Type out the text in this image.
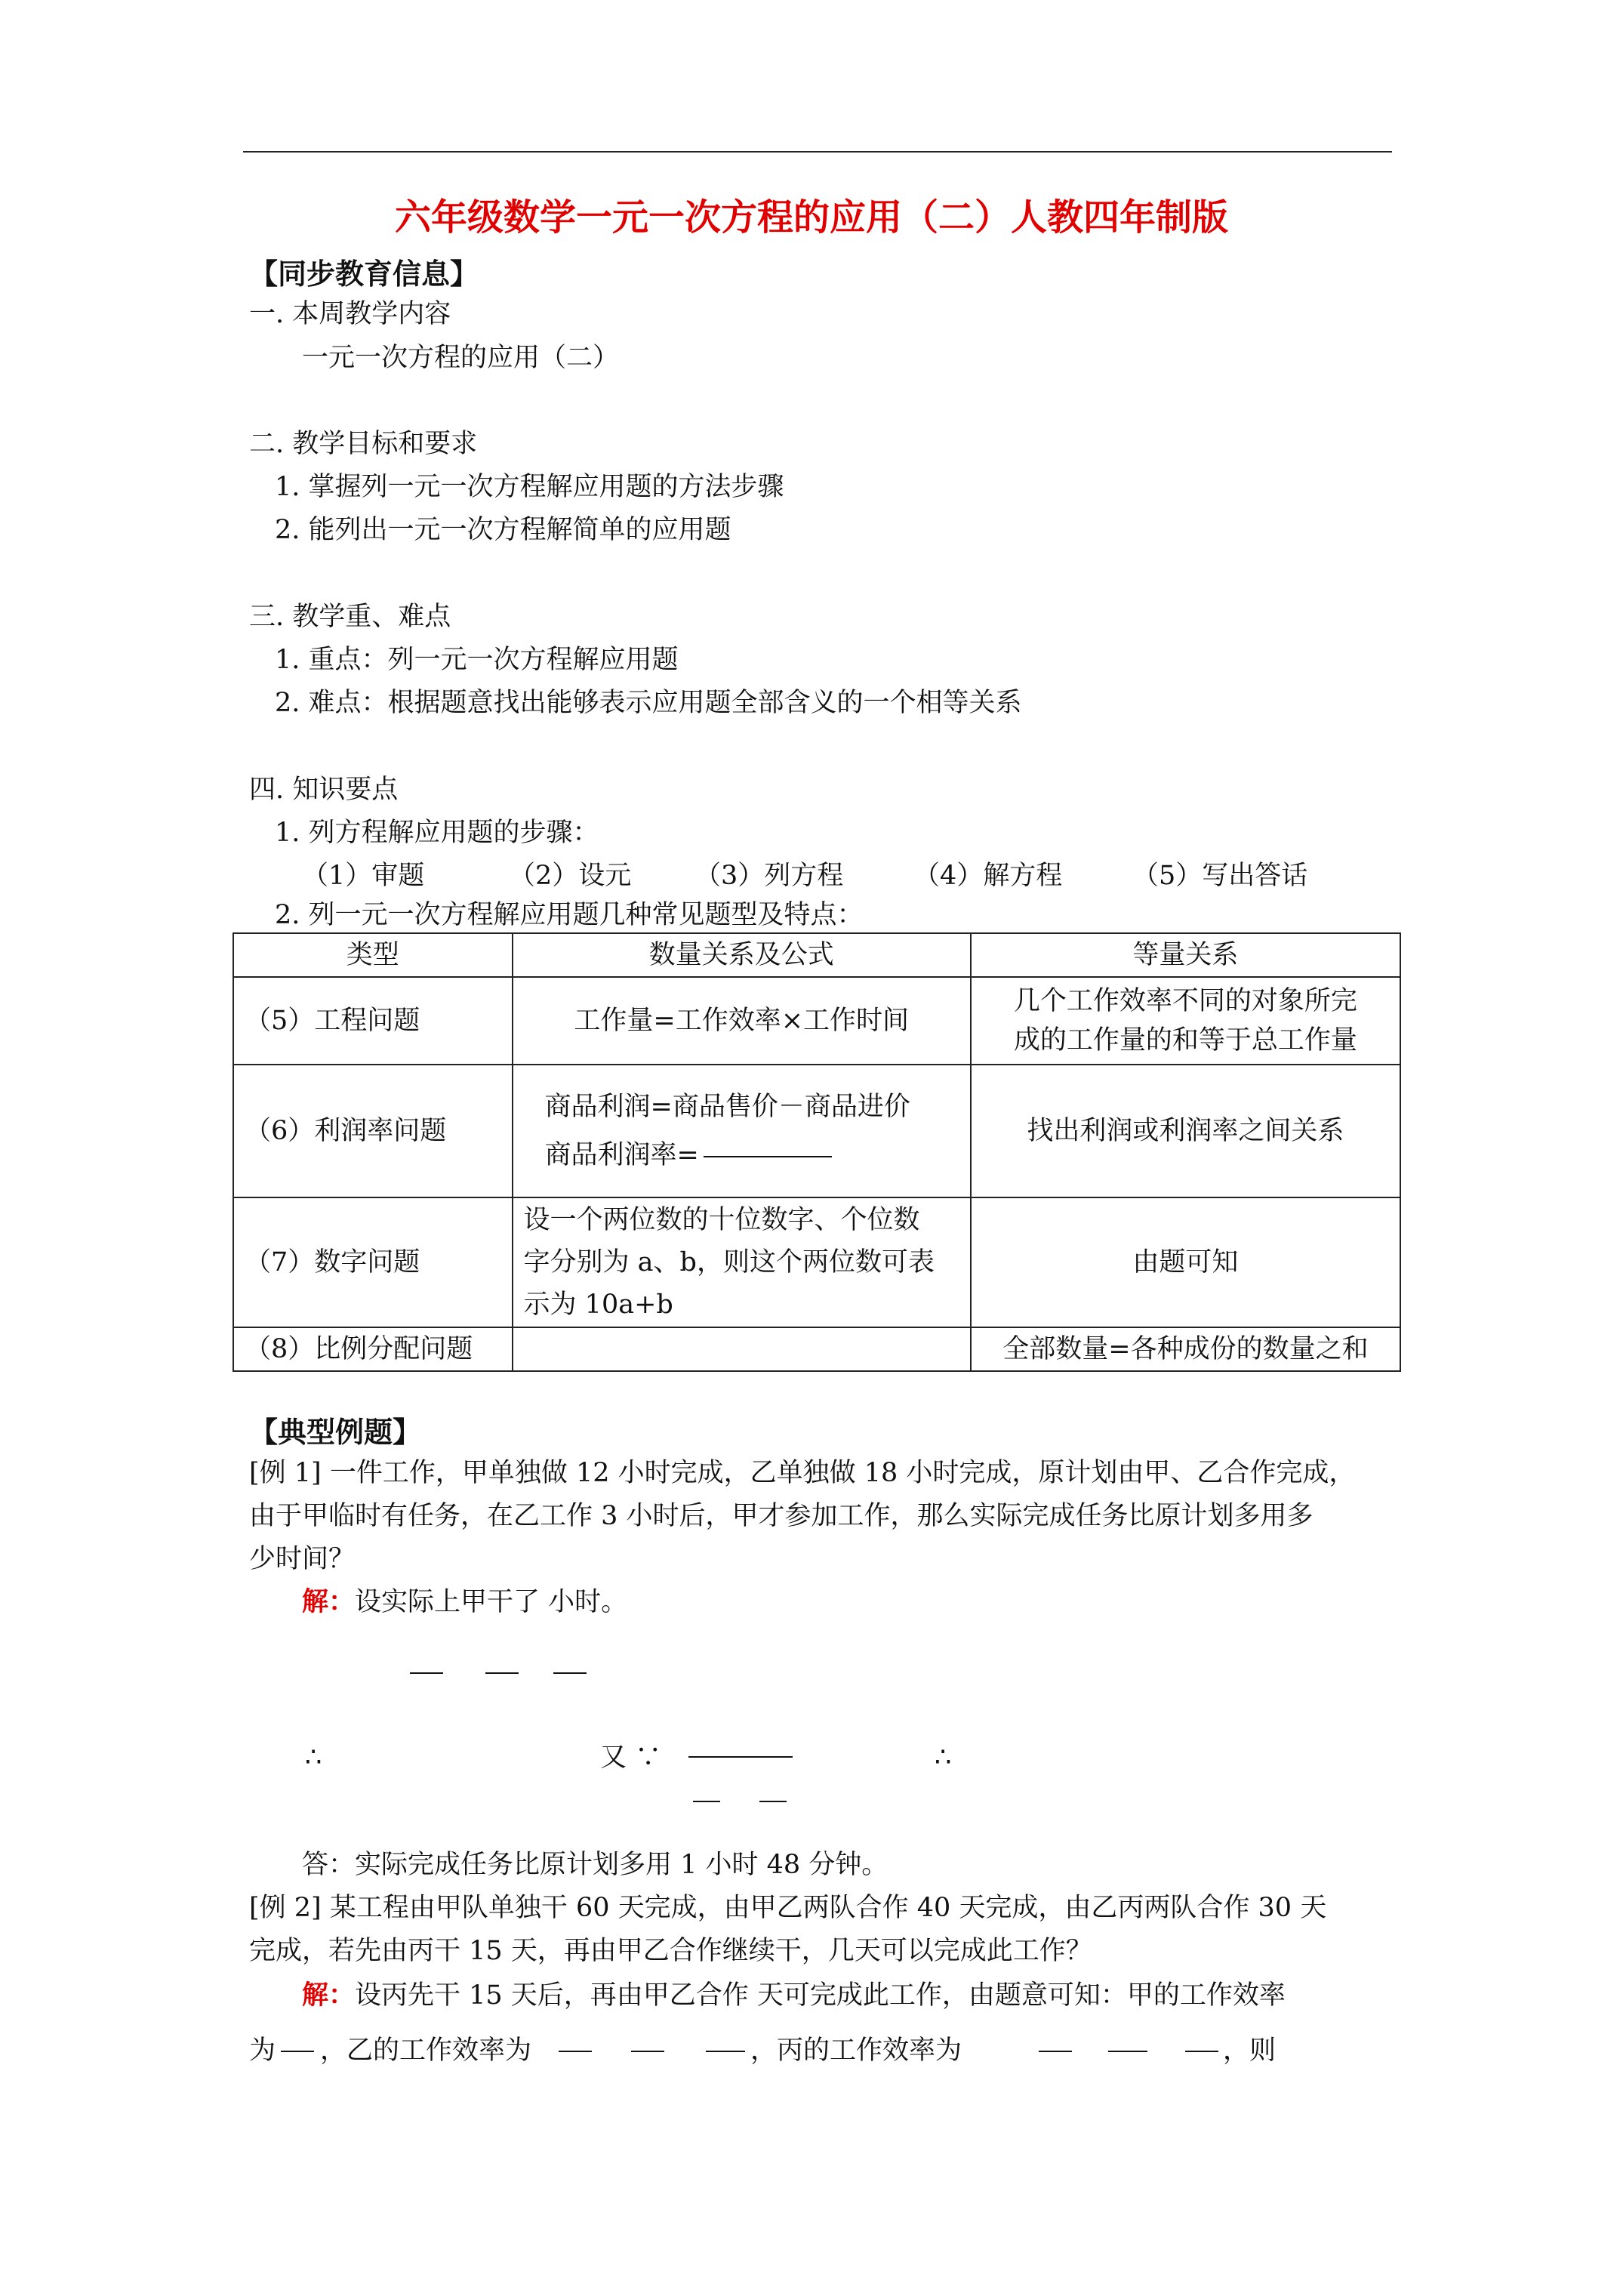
六年级数学一元一次方程的应用（二）人教四年制版
【同步教育信息】
一. 本周教学内容
一元一次方程的应用（二）
二. 教学目标和要求
1. 掌握列一元一次方程解应用题的方法步骤
2. 能列出一元一次方程解简单的应用题
三. 教学重、难点
1. 重点：列一元一次方程解应用题
2. 难点：根据题意找出能够表示应用题全部含义的一个相等关系
四. 知识要点
1. 列方程解应用题的步骤：
（1）审题	（2）设元 （3）列方程	（4）解方程	（5）写出答话
2. 列一元一次方程解应用题几种常见题型及特点：
类型	数量关系及公式	等量关系
（5）工程问题	工作量=工作效率×工作时间	几个工作效率不同的对象所完
成的工作量的和等于总工作量

（6）利润率问题	商品利润=商品售价－商品进价
商品利润率=	找出利润或利润率之间关系
（7）数字问题	设一个两位数的十位数字、个位数
字分别为 a、b，则这个两位数可表
示为 10a+b	由题可知
（8）比例分配问题		全部数量=各种成份的数量之和
【典型例题】
[例 1] 一件工作，甲单独做 12 小时完成，乙单独做 18 小时完成，原计划由甲、乙合作完成，
由于甲临时有任务，在乙工作 3 小时后，甲才参加工作，那么实际完成任务比原计划多用多
少时间？
解：设实际上甲干了 小时。
∴	又 ∵	∴
答：实际完成任务比原计划多用 1 小时 48 分钟。
[例 2] 某工程由甲队单独干 60 天完成，由甲乙两队合作 40 天完成，由乙丙两队合作 30 天
完成，若先由丙干 15 天，再由甲乙合作继续干，几天可以完成此工作？
解：设丙先干 15 天后，再由甲乙合作 天可完成此工作，由题意可知：甲的工作效率
为 ，乙的工作效率为	，丙的工作效率为	，则
